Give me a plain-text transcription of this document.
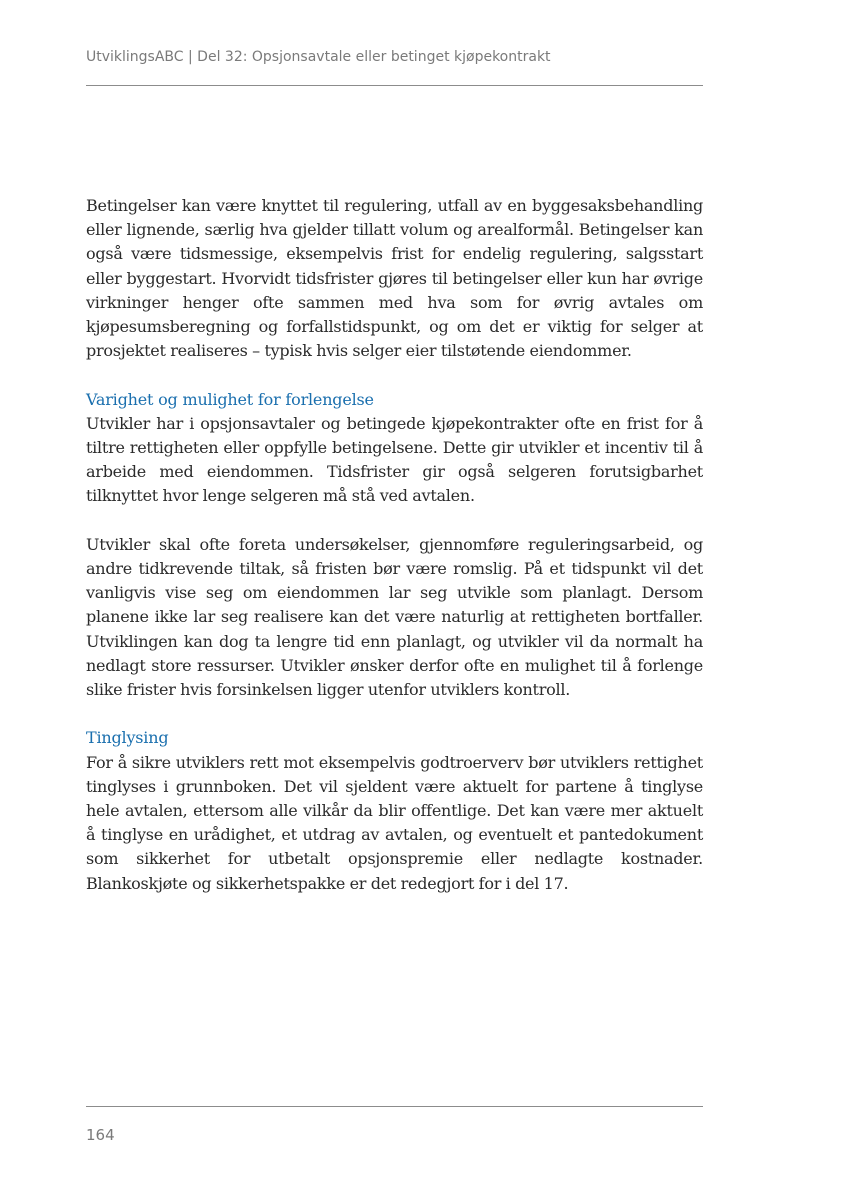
UtviklingsABC | Del 32: Opsjonsavtale eller betinget kjøpekontrakt

Betingelser kan være knyttet til regulering, utfall av en byggesaksbehandling eller lignende, særlig hva gjelder tillatt volum og arealformål. Betingelser kan også være tidsmessige, eksempelvis frist for endelig regulering, salgsstart eller byggestart. Hvorvidt tidsfrister gjøres til betingelser eller kun har øvrige virkninger henger ofte sammen med hva som for øvrig avtales om kjøpesumsberegning og forfallstidspunkt, og om det er viktig for selger at prosjektet realiseres – typisk hvis selger eier tilstøtende eiendommer.

Varighet og mulighet for forlengelse

Utvikler har i opsjonsavtaler og betingede kjøpekontrakter ofte en frist for å tiltre rettigheten eller oppfylle betingelsene. Dette gir utvikler et incentiv til å arbeide med eiendommen. Tidsfrister gir også selgeren forutsigbarhet tilknyttet hvor lenge selgeren må stå ved avtalen.

Utvikler skal ofte foreta undersøkelser, gjennomføre reguleringsarbeid, og andre tidkrevende tiltak, så fristen bør være romslig. På et tidspunkt vil det vanligvis vise seg om eiendommen lar seg utvikle som planlagt. Dersom planene ikke lar seg realisere kan det være naturlig at rettigheten bortfaller. Utviklingen kan dog ta lengre tid enn planlagt, og utvikler vil da normalt ha nedlagt store ressurser. Utvikler ønsker derfor ofte en mulighet til å forlenge slike frister hvis forsinkelsen ligger utenfor utviklers kontroll.

Tinglysing

For å sikre utviklers rett mot eksempelvis godtroerverv bør utviklers rettighet tinglyses i grunnboken. Det vil sjeldent være aktuelt for partene å tinglyse hele avtalen, ettersom alle vilkår da blir offentlige. Det kan være mer aktuelt å tinglyse en urådighet, et utdrag av avtalen, og eventuelt et pantedokument som sikkerhet for utbetalt opsjonspremie eller nedlagte kostnader. Blankoskjøte og sikkerhetspakke er det redegjort for i del 17.

164
